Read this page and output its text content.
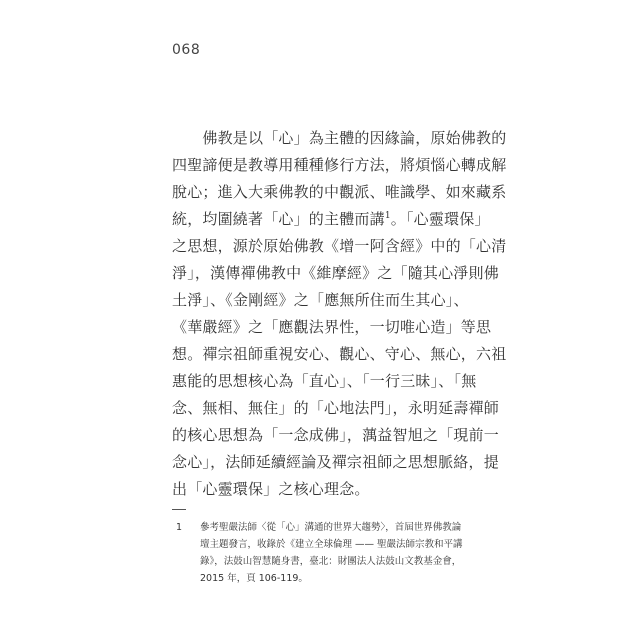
068
　　佛教是以「心」為主體的因緣論，原始佛教的
四聖諦便是教導用種種修行方法，將煩惱心轉成解
脫心；進入大乘佛教的中觀派、唯識學、如來藏系
統，均圍繞著「心」的主體而講$^1$。「心靈環保」
之思想，源於原始佛教《增一阿含經》中的「心清
淨」，漢傳禪佛教中《維摩經》之「隨其心淨則佛
土淨」、《金剛經》之「應無所住而生其心」、
《華嚴經》之「應觀法界性，一切唯心造」等思
想。禪宗祖師重視安心、觀心、守心、無心，六祖
惠能的思想核心為「直心」、「一行三昧」、「無
念、無相、無住」的「心地法門」，永明延壽禪師
的核心思想為「一念成佛」，蕅益智旭之「現前一
念心」，法師延續經論及禪宗祖師之思想脈絡，提
出「心靈環保」之核心理念。
1 參考聖嚴法師〈從「心」溝通的世界大趨勢〉，首屆世界佛教論
壇主題發言，收錄於《建立全球倫理 —— 聖嚴法師宗教和平講
錄》，法鼓山智慧隨身書，臺北：財團法人法鼓山文教基金會，
2015 年，頁 106-119。
